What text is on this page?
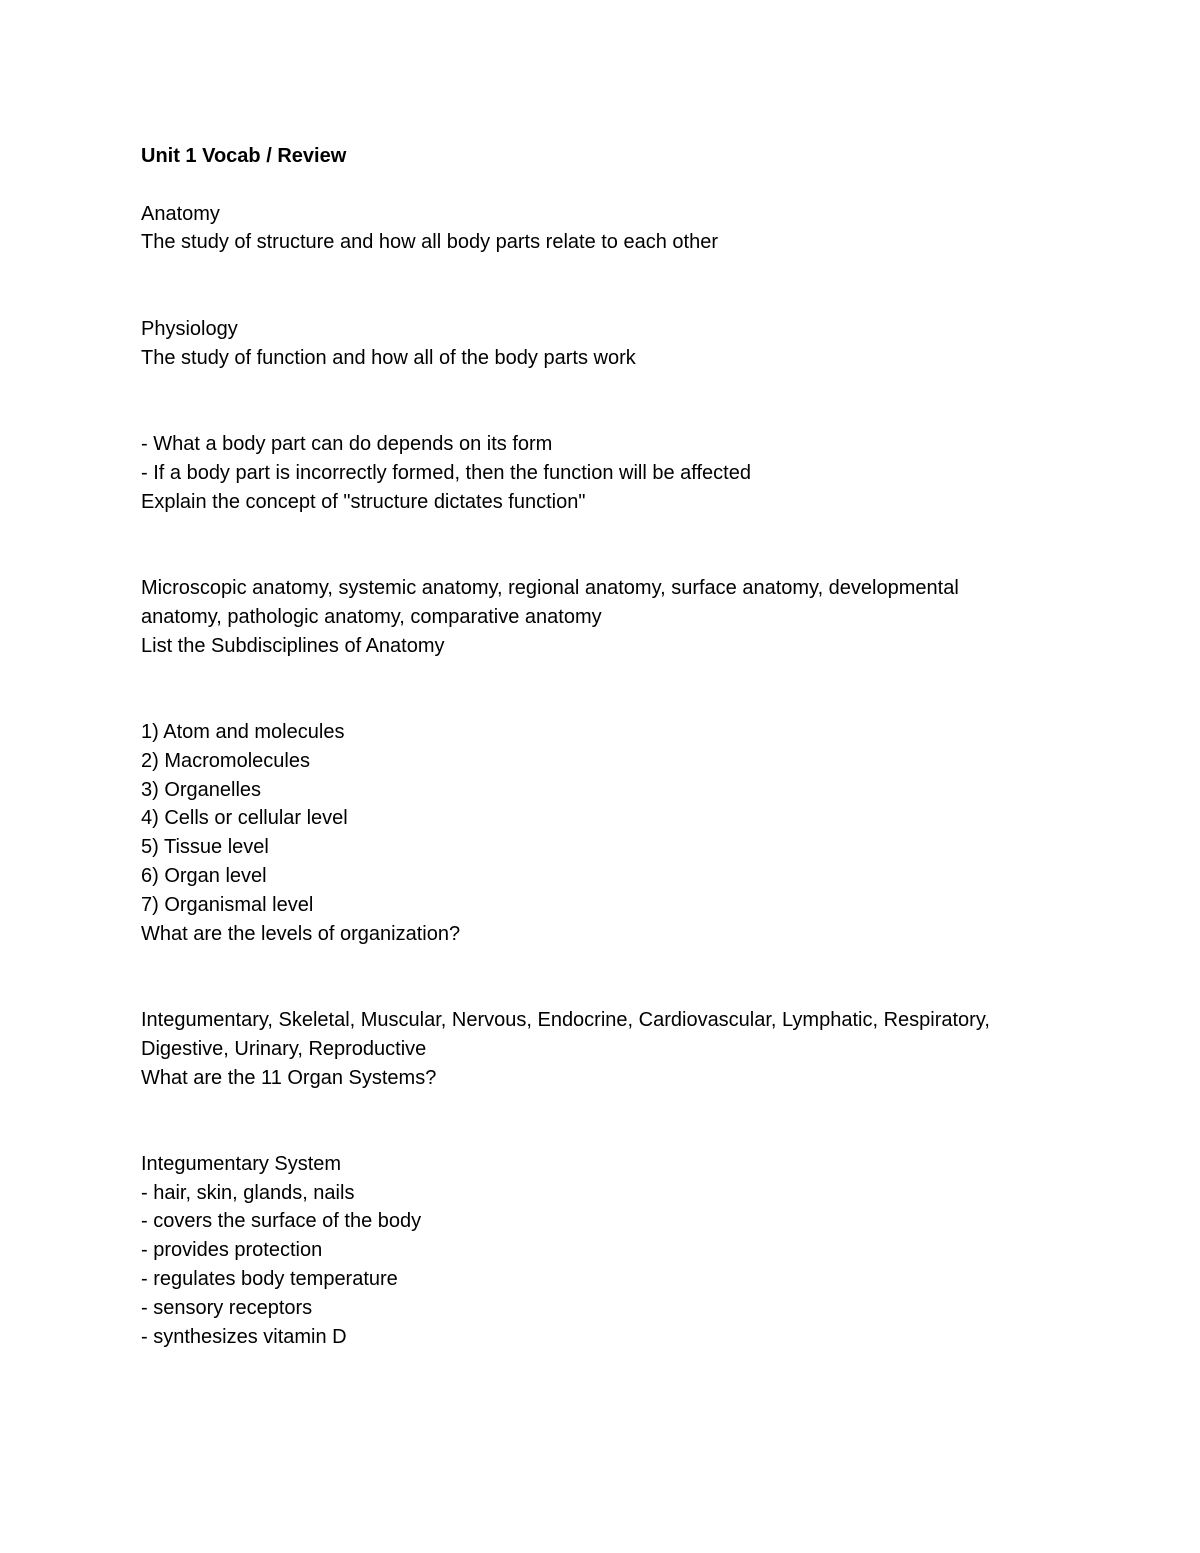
Unit 1 Vocab / Review

Anatomy

The study of structure and how all body parts relate to each other

Physiology

The study of function and how all of the body parts work

- What a body part can do depends on its form

- If a body part is incorrectly formed, then the function will be affected

Explain the concept of "structure dictates function"

Microscopic anatomy, systemic anatomy, regional anatomy, surface anatomy, developmental

anatomy, pathologic anatomy, comparative anatomy

List the Subdisciplines of Anatomy

1) Atom and molecules

2) Macromolecules

3) Organelles

4) Cells or cellular level

5) Tissue level

6) Organ level

7) Organismal level

What are the levels of organization?

Integumentary, Skeletal, Muscular, Nervous, Endocrine, Cardiovascular, Lymphatic, Respiratory,

Digestive, Urinary, Reproductive

What are the 11 Organ Systems?

Integumentary System

- hair, skin, glands, nails

- covers the surface of the body

- provides protection

- regulates body temperature

- sensory receptors

- synthesizes vitamin D
